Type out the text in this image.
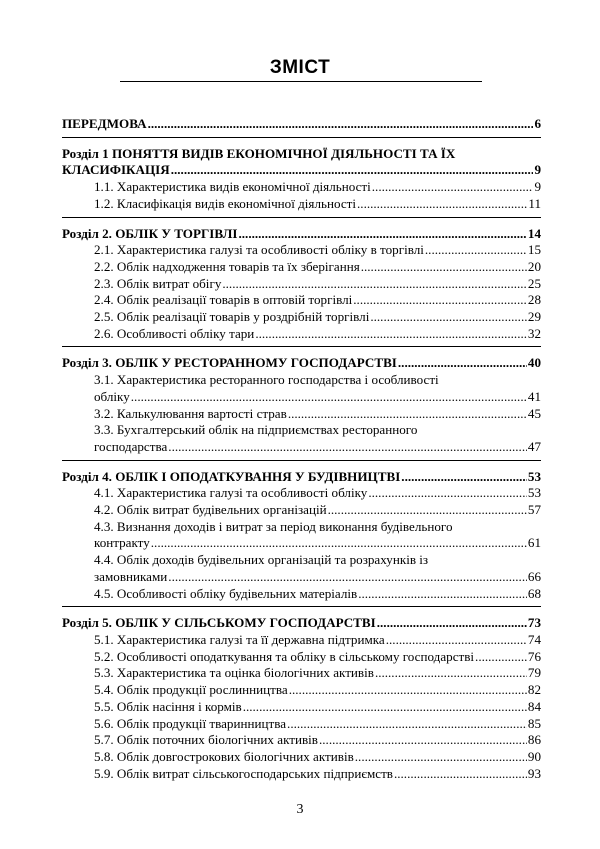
ЗМІСТ
ПЕРЕДМОВА .....	6
Розділ 1 ПОНЯТТЯ ВИДІВ ЕКОНОМІЧНОЇ ДІЯЛЬНОСТІ ТА ЇХ
КЛАСИФІКАЦІЯ .....	9
1.1. Характеристика видів економічної діяльності .....	9
1.2. Класифікація видів економічної діяльності .....	11
Розділ 2. ОБЛІК У ТОРГІВЛІ .....	14
2.1. Характеристика галузі та особливості обліку в торгівлі .....	15
2.2. Облік надходження товарів та їх зберігання .....	20
2.3. Облік витрат обігу .....	25
2.4. Облік реалізації товарів в оптовій торгівлі .....	28
2.5. Облік реалізації товарів у роздрібній торгівлі .....	29
2.6. Особливості обліку тари .....	32
Розділ 3. ОБЛІК У РЕСТОРАННОМУ ГОСПОДАРСТВІ .....	40
3.1. Характеристика ресторанного господарства і особливості
обліку .....	41
3.2. Калькулювання вартості страв .....	45
3.3. Бухгалтерський облік на підприємствах ресторанного
господарства .....	47
Розділ 4. ОБЛІК І ОПОДАТКУВАННЯ У БУДІВНИЦТВІ .....	53
4.1. Характеристика галузі та особливості обліку .....	53
4.2. Облік витрат будівельних організацій .....	57
4.3. Визнання доходів і витрат за період виконання будівельного
контракту .....	61
4.4. Облік доходів будівельних організацій та розрахунків із
замовниками .....	66
4.5. Особливості обліку будівельних матеріалів .....	68
Розділ 5. ОБЛІК У СІЛЬСЬКОМУ ГОСПОДАРСТВІ .....	73
5.1. Характеристика галузі та її державна підтримка .....	74
5.2. Особливості оподаткування та обліку в сільському господарстві .....	76
5.3. Характеристика та оцінка біологічних активів .....	79
5.4. Облік продукції рослинництва .....	82
5.5. Облік насіння і кормів .....	84
5.6. Облік продукції тваринництва .....	85
5.7. Облік поточних біологічних активів .....	86
5.8. Облік довгострокових біологічних активів .....	90
5.9. Облік витрат сільськогосподарських підприємств .....	93
3
